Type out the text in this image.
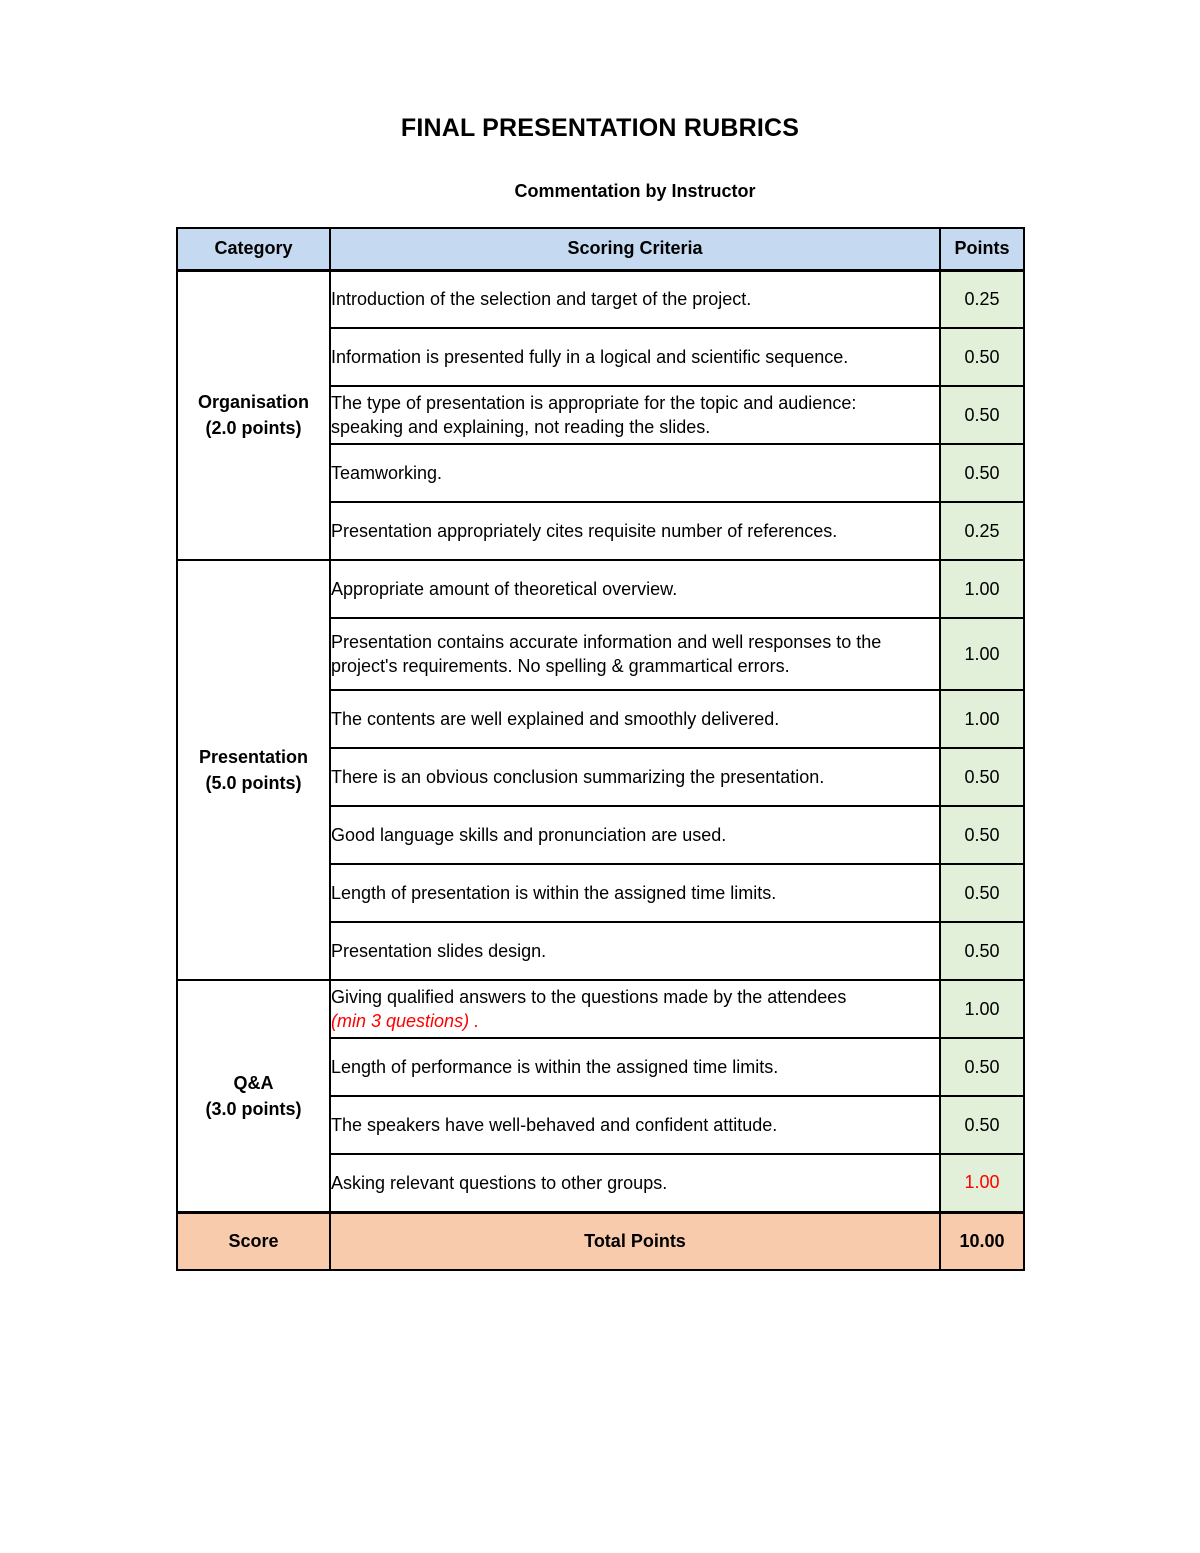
FINAL PRESENTATION RUBRICS
Commentation by Instructor
Category	Scoring Criteria	Points
Organisation
(2.0 points)	Introduction of the selection and target of the project.	0.25
	Information is presented fully in a logical and scientific sequence.	0.50
	The type of presentation is appropriate for the topic and audience:
speaking and explaining, not reading the slides.	0.50
	Teamworking.	0.50
	Presentation appropriately cites requisite number of references.	0.25
Presentation
(5.0 points)	Appropriate amount of theoretical overview.	1.00
	Presentation contains accurate information and well responses to the
project's requirements. No spelling & grammartical errors.	1.00
	The contents are well explained and smoothly delivered.	1.00
	There is an obvious conclusion summarizing the presentation.	0.50
	Good language skills and pronunciation are used.	0.50
	Length of presentation is within the assigned time limits.	0.50
	Presentation slides design.	0.50
Q&A
(3.0 points)	Giving qualified answers to the questions made by the attendees
(min 3 questions) .	1.00
	Length of performance is within the assigned time limits.	0.50
	The speakers have well-behaved and confident attitude.	0.50
	Asking relevant questions to other groups.	1.00
Score	Total Points	10.00
